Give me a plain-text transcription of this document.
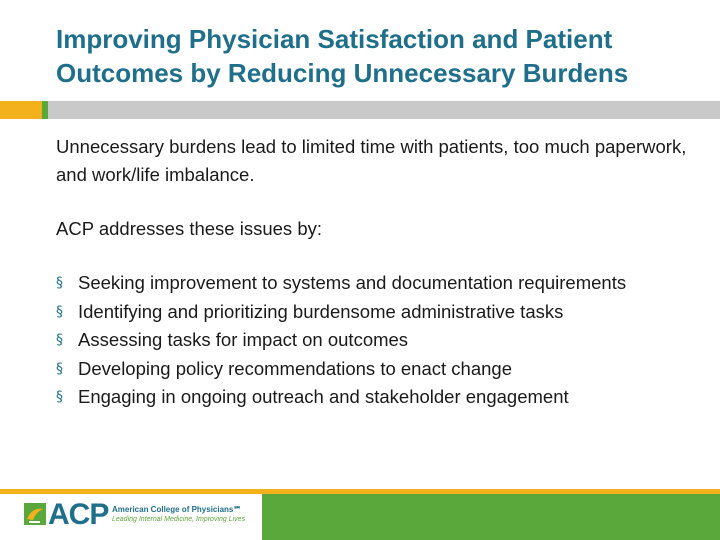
Improving Physician Satisfaction and Patient
Outcomes by Reducing Unnecessary Burdens

Unnecessary burdens lead to limited time with patients, too much paperwork, and work/life imbalance.

ACP addresses these issues by:

§ Seeking improvement to systems and documentation requirements
§ Identifying and prioritizing burdensome administrative tasks
§ Assessing tasks for impact on outcomes
§ Developing policy recommendations to enact change
§ Engaging in ongoing outreach and stakeholder engagement
ACP American College of Physicians℠
Leading Internal Medicine, Improving Lives
7
